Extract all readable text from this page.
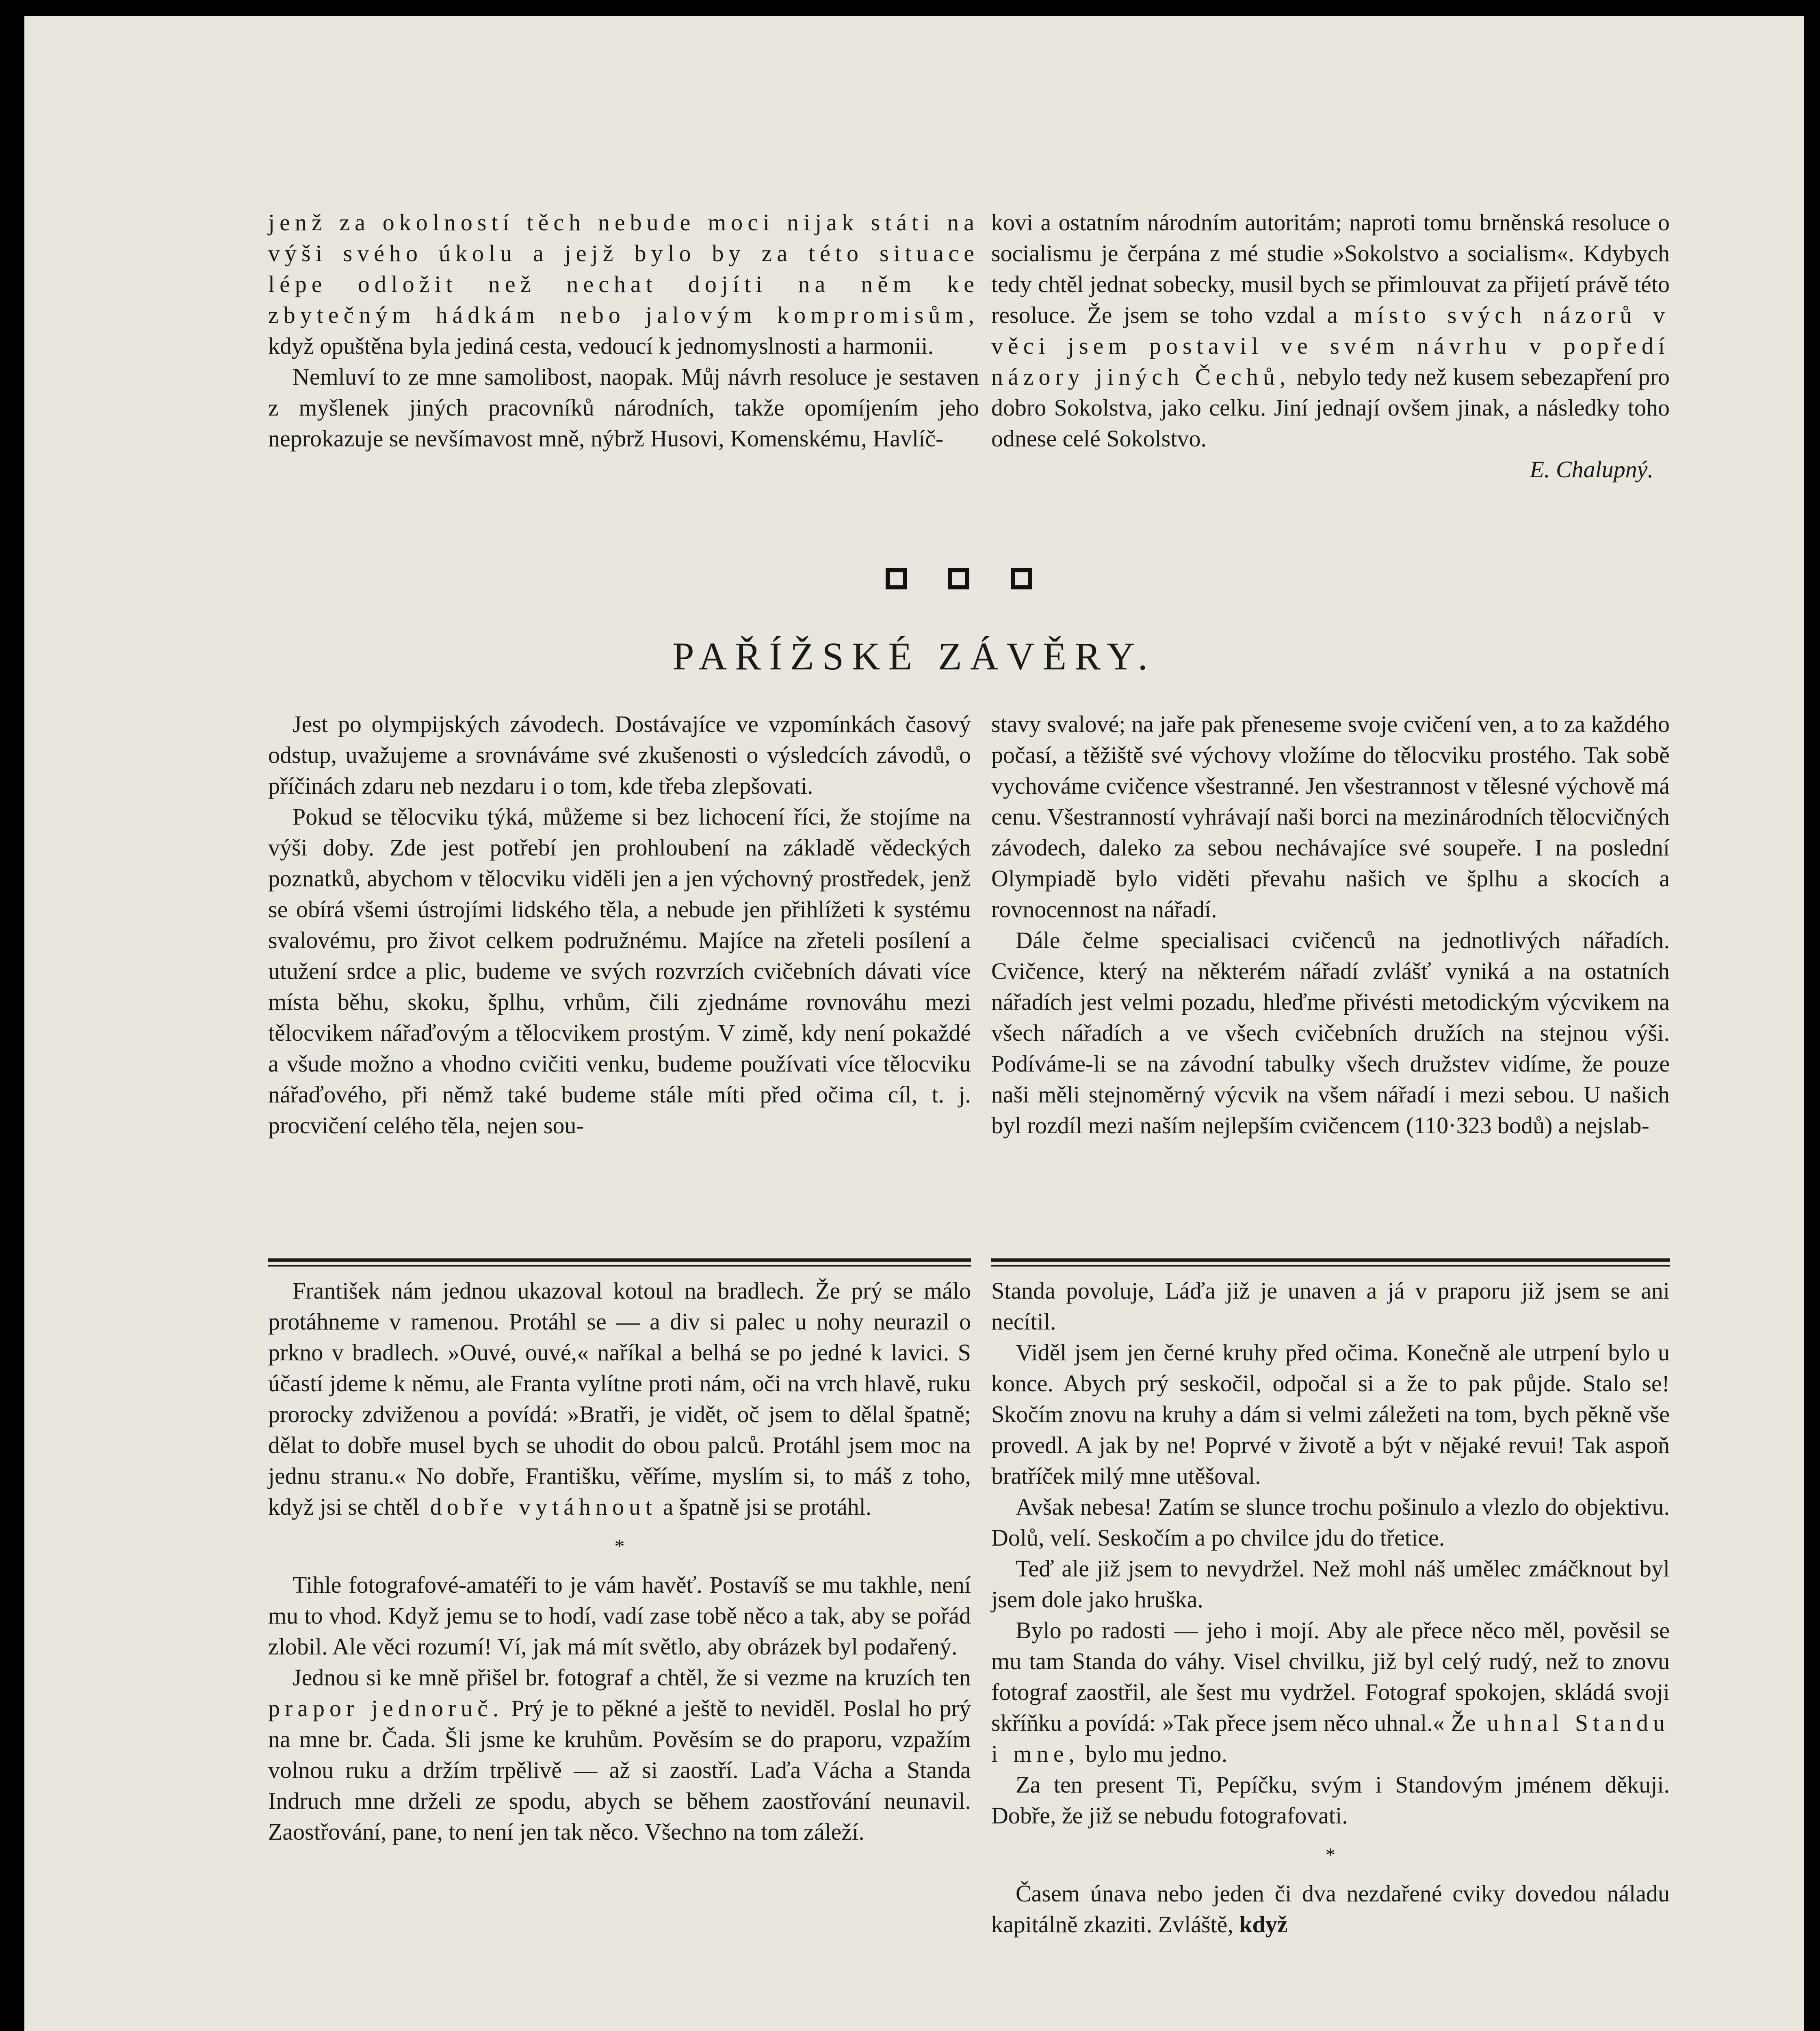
jenž za okolností těch nebude moci nijak státi na výši svého úkolu a jejž bylo by za této situace lépe odložit než nechat dojíti na něm ke zbytečným hádkám nebo jalovým kompromisům, když opuštěna byla jediná cesta, vedoucí k jednomyslnosti a harmonii.

Nemluví to ze mne samolibost, naopak. Můj návrh resoluce je sestaven z myšlenek jiných pracovníků národních, takže opomíjením jeho neprokazuje se nevšímavost mně, nýbrž Husovi, Komenskému, Havlíč-

kovi a ostatním národním autoritám; naproti tomu brněnská resoluce o socialismu je čerpána z mé studie »Sokolstvo a socialism«. Kdybych tedy chtěl jednat sobecky, musil bych se přimlouvat za přijetí právě této resoluce. Že jsem se toho vzdal a místo svých názorů v věci jsem postavil ve svém návrhu v popředí názory jiných Čechů, nebylo tedy než kusem sebezapření pro dobro Sokolstva, jako celku. Jiní jednají ovšem jinak, a následky toho odnese celé Sokolstvo.

E. Chalupný.

PAŘÍŽSKÉ ZÁVĚRY.

Jest po olympijských závodech. Dostávajíce ve vzpomínkách časový odstup, uvažujeme a srovnáváme své zkušenosti o výsledcích závodů, o příčinách zdaru neb nezdaru i o tom, kde třeba zlepšovati.

Pokud se tělocviku týká, můžeme si bez lichocení říci, že stojíme na výši doby. Zde jest potřebí jen prohloubení na základě vědeckých poznatků, abychom v tělocviku viděli jen a jen výchovný prostředek, jenž se obírá všemi ústrojími lidského těla, a nebude jen přihlížeti k systému svalovému, pro život celkem podružnému. Majíce na zřeteli posílení a utužení srdce a plic, budeme ve svých rozvrzích cvičebních dávati více místa běhu, skoku, šplhu, vrhům, čili zjednáme rovnováhu mezi tělocvikem nářaďovým a tělocvikem prostým. V zimě, kdy není pokaždé a všude možno a vhodno cvičiti venku, budeme používati více tělocviku nářaďového, při němž také budeme stále míti před očima cíl, t. j. procvičení celého těla, nejen sou-

stavy svalové; na jaře pak přeneseme svoje cvičení ven, a to za každého počasí, a těžiště své výchovy vložíme do tělocviku prostého. Tak sobě vychováme cvičence všestranné. Jen všestrannost v tělesné výchově má cenu. Všestranností vyhrávají naši borci na mezinárodních tělocvičných závodech, daleko za sebou nechávajíce své soupeře. I na poslední Olympiadě bylo viděti převahu našich ve šplhu a skocích a rovnocennost na nářadí.

Dále čelme specialisaci cvičenců na jednotlivých nářadích. Cvičence, který na některém nářadí zvlášť vyniká a na ostatních nářadích jest velmi pozadu, hleďme přivésti metodickým výcvikem na všech nářadích a ve všech cvičebních družích na stejnou výši. Podíváme-li se na závodní tabulky všech družstev vidíme, že pouze naši měli stejnoměrný výcvik na všem nářadí i mezi sebou. U našich byl rozdíl mezi naším nejlepším cvičencem (110·323 bodů) a nejslab-

František nám jednou ukazoval kotoul na bradlech. Že prý se málo protáhneme v ramenou. Protáhl se — a div si palec u nohy neurazil o prkno v bradlech. »Ouvé, ouvé,« naříkal a belhá se po jedné k lavici. S účastí jdeme k němu, ale Franta vylítne proti nám, oči na vrch hlavě, ruku prorocky zdviženou a povídá: »Bratři, je vidět, oč jsem to dělal špatně; dělat to dobře musel bych se uhodit do obou palců. Protáhl jsem moc na jednu stranu.« No dobře, Františku, věříme, myslím si, to máš z toho, když jsi se chtěl dobře vytáhnout a špatně jsi se protáhl.

*

Tihle fotografové-amatéři to je vám havěť. Postavíš se mu takhle, není mu to vhod. Když jemu se to hodí, vadí zase tobě něco a tak, aby se pořád zlobil. Ale věci rozumí! Ví, jak má mít světlo, aby obrázek byl podařený.

Jednou si ke mně přišel br. fotograf a chtěl, že si vezme na kruzích ten prapor jednoruč. Prý je to pěkné a ještě to neviděl. Poslal ho prý na mne br. Čada. Šli jsme ke kruhům. Pověsím se do praporu, vzpažím volnou ruku a držím trpělivě — až si zaostří. Laďa Vácha a Standa Indruch mne drželi ze spodu, abych se během zaostřování neunavil. Zaostřování, pane, to není jen tak něco. Všechno na tom záleží.

Standa povoluje, Láďa již je unaven a já v praporu již jsem se ani necítil.

Viděl jsem jen černé kruhy před očima. Konečně ale utrpení bylo u konce. Abych prý seskočil, odpočal si a že to pak půjde. Stalo se! Skočím znovu na kruhy a dám si velmi záležeti na tom, bych pěkně vše provedl. A jak by ne! Poprvé v životě a být v nějaké revui! Tak aspoň bratříček milý mne utěšoval.

Avšak nebesa! Zatím se slunce trochu pošinulo a vlezlo do objektivu. Dolů, velí. Seskočím a po chvilce jdu do třetice.

Teď ale již jsem to nevydržel. Než mohl náš umělec zmáčknout byl jsem dole jako hruška.

Bylo po radosti — jeho i mojí. Aby ale přece něco měl, pověsil se mu tam Standa do váhy. Visel chvilku, již byl celý rudý, než to znovu fotograf zaostřil, ale šest mu vydržel. Fotograf spokojen, skládá svoji skříňku a povídá: »Tak přece jsem něco uhnal.« Že uhnal Standu i mne, bylo mu jedno.

Za ten present Ti, Pepíčku, svým i Standovým jménem děkuji. Dobře, že již se nebudu fotografovati.

*

Časem únava nebo jeden či dva nezdařené cviky dovedou náladu kapitálně zkaziti. Zvláště, když
